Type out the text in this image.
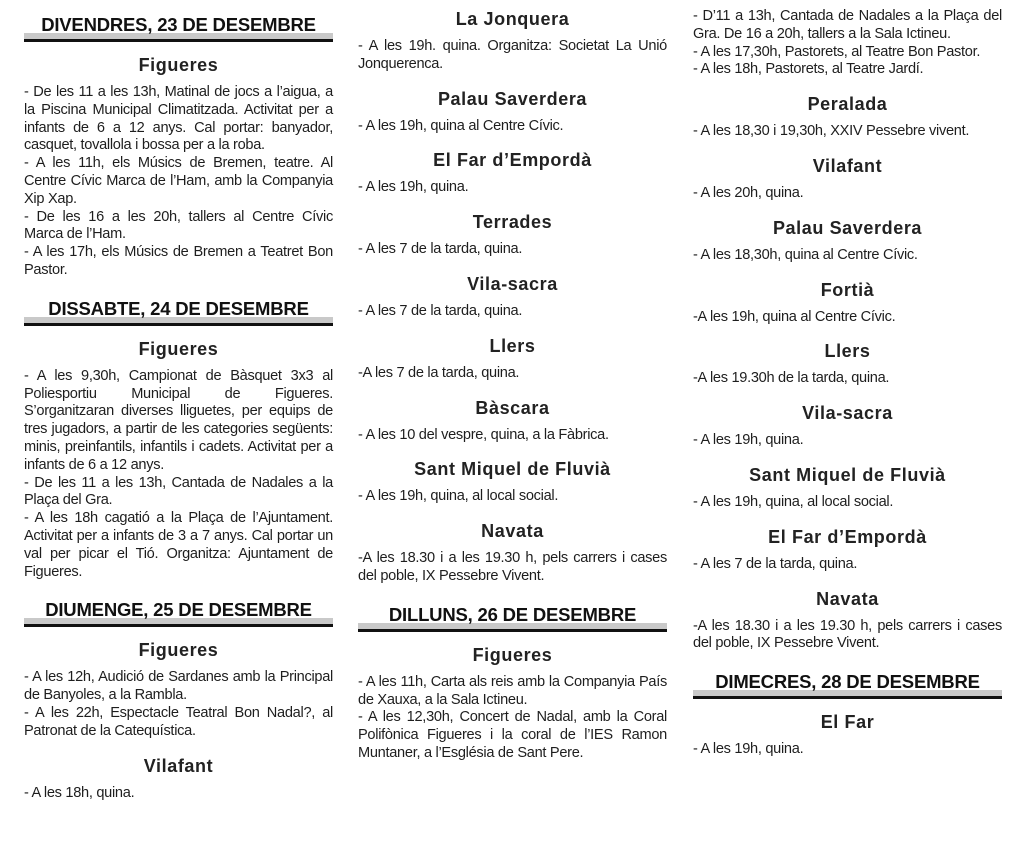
DIVENDRES, 23 DE DESEMBRE
Figueres

- De les 11 a les 13h, Matinal de jocs a l’aigua, a la Piscina Municipal Climatitzada. Activitat per a infants de 6 a 12 anys. Cal portar: banyador, casquet, tovallola i bossa per a la roba.

- A les 11h, els Músics de Bremen, teatre. Al Centre Cívic Marca de l’Ham, amb la Companyia Xip Xap.

- De les 16 a les 20h, tallers al Centre Cívic Marca de l’Ham.

- A les 17h, els Músics de Bremen a Teatret Bon Pastor.

DISSABTE, 24 DE DESEMBRE
Figueres

- A les 9,30h, Campionat de Bàsquet 3x3 al Poliesportiu Municipal de Figueres. S’organitzaran diverses lliguetes, per equips de tres jugadors, a partir de les categories següents: minis, preinfantils, infantils i cadets. Activitat per a infants de 6 a 12 anys.

- De les 11 a les 13h, Cantada de Nadales a la Plaça del Gra.

- A les 18h cagatió a la Plaça de l’Ajuntament. Activitat per a infants de 3 a 7 anys. Cal portar un val per picar el Tió. Organitza: Ajuntament de Figueres.

DIUMENGE, 25 DE DESEMBRE
Figueres

- A les 12h, Audició de Sardanes amb la Principal de Banyoles, a la Rambla.

- A les 22h, Espectacle Teatral Bon Nadal?, al Patronat de la Catequística.

Vilafant

- A les 18h, quina.

La Jonquera

- A les 19h. quina. Organitza: Societat La Unió Jonquerenca.

Palau Saverdera

- A les 19h, quina al Centre Cívic.

El Far d’Empordà

- A les 19h, quina.

Terrades

- A les 7 de la tarda, quina.

Vila-sacra

- A les 7 de la tarda, quina.

Llers

-A les 7 de la tarda, quina.

Bàscara

- A les 10 del vespre, quina, a la Fàbrica.

Sant Miquel de Fluvià

- A les 19h, quina, al local social.

Navata

-A les 18.30 i a les 19.30 h, pels carrers i cases del poble, IX Pessebre Vivent.

DILLUNS, 26 DE DESEMBRE
Figueres

- A les 11h, Carta als reis amb la Companyia País de Xauxa, a la Sala Ictineu.

- A les 12,30h, Concert de Nadal, amb la Coral Polifònica Figueres i la coral de l’IES Ramon Muntaner, a l’Església de Sant Pere.

- D’11 a 13h, Cantada de Nadales a la Plaça del Gra. De 16 a 20h, tallers a la Sala Ictineu.

- A les 17,30h, Pastorets, al Teatre Bon Pastor.

- A les 18h, Pastorets, al Teatre Jardí.

Peralada

- A les 18,30 i 19,30h, XXIV Pessebre vivent.

Vilafant

- A les 20h, quina.

Palau Saverdera

- A les 18,30h, quina al Centre Cívic.

Fortià

-A les 19h, quina al Centre Cívic.

Llers

-A les 19.30h de la tarda, quina.

Vila-sacra

- A les 19h, quina.

Sant Miquel de Fluvià

- A les 19h, quina, al local social.

El Far d’Empordà

- A les 7 de la tarda, quina.

Navata

-A les 18.30 i a les 19.30 h, pels carrers i cases del poble, IX Pessebre Vivent.

DIMECRES, 28 DE DESEMBRE
El Far

- A les 19h, quina.
